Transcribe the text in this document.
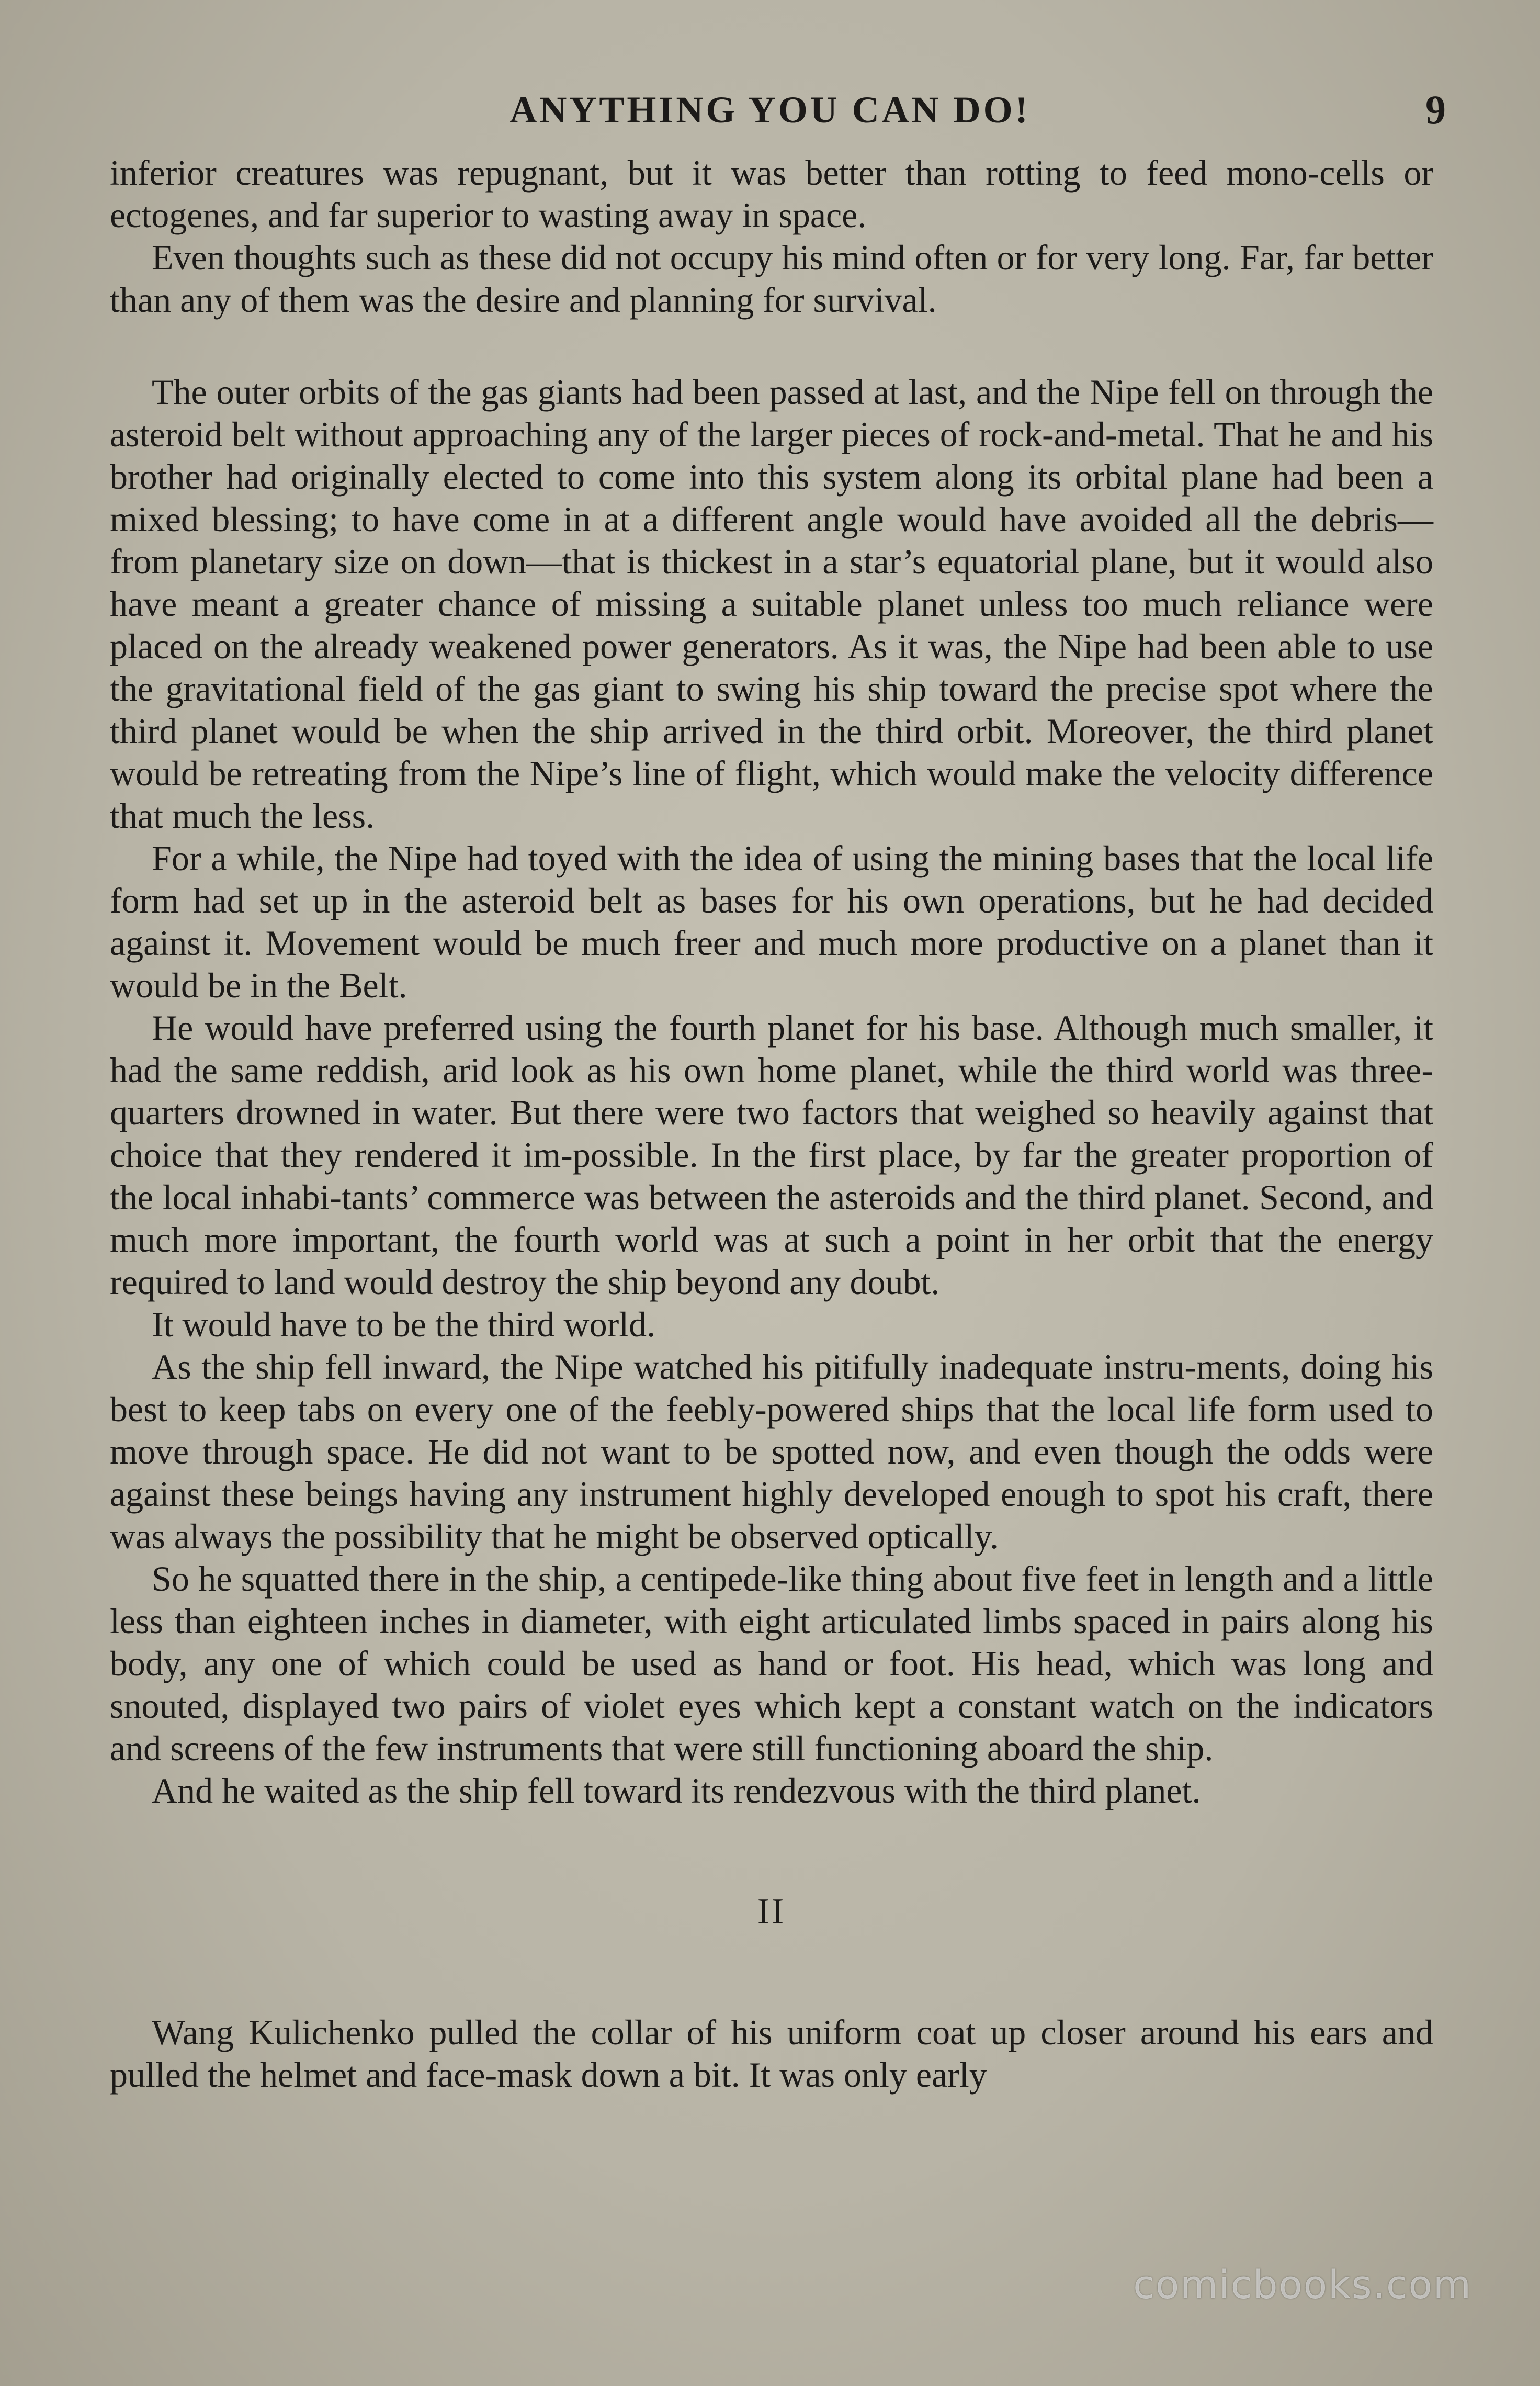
ANYTHING YOU CAN DO!	9

inferior creatures was repugnant, but it was better than rotting to feed mono-cells or ectogenes, and far superior to wasting away in space.

Even thoughts such as these did not occupy his mind often or for very long. Far, far better than any of them was the desire and planning for survival.

The outer orbits of the gas giants had been passed at last, and the Nipe fell on through the asteroid belt without approaching any of the larger pieces of rock-and-metal. That he and his brother had originally elected to come into this system along its orbital plane had been a mixed blessing; to have come in at a different angle would have avoided all the debris—from planetary size on down—that is thickest in a star’s equatorial plane, but it would also have meant a greater chance of missing a suitable planet unless too much reliance were placed on the already weakened power generators. As it was, the Nipe had been able to use the gravitational field of the gas giant to swing his ship toward the precise spot where the third planet would be when the ship arrived in the third orbit. Moreover, the third planet would be retreating from the Nipe’s line of flight, which would make the velocity difference that much the less.

For a while, the Nipe had toyed with the idea of using the mining bases that the local life form had set up in the asteroid belt as bases for his own operations, but he had decided against it. Movement would be much freer and much more productive on a planet than it would be in the Belt.

He would have preferred using the fourth planet for his base. Although much smaller, it had the same reddish, arid look as his own home planet, while the third world was three-quarters drowned in water. But there were two factors that weighed so heavily against that choice that they rendered it im-possible. In the first place, by far the greater proportion of the local inhabi-tants’ commerce was between the asteroids and the third planet. Second, and much more important, the fourth world was at such a point in her orbit that the energy required to land would destroy the ship beyond any doubt.

It would have to be the third world.

As the ship fell inward, the Nipe watched his pitifully inadequate instru-ments, doing his best to keep tabs on every one of the feebly-powered ships that the local life form used to move through space. He did not want to be spotted now, and even though the odds were against these beings having any instrument highly developed enough to spot his craft, there was always the possibility that he might be observed optically.

So he squatted there in the ship, a centipede-like thing about five feet in length and a little less than eighteen inches in diameter, with eight articulated limbs spaced in pairs along his body, any one of which could be used as hand or foot. His head, which was long and snouted, displayed two pairs of violet eyes which kept a constant watch on the indicators and screens of the few instruments that were still functioning aboard the ship.

And he waited as the ship fell toward its rendezvous with the third planet.

II

Wang Kulichenko pulled the collar of his uniform coat up closer around his ears and pulled the helmet and face-mask down a bit. It was only early

comicbooks.com
